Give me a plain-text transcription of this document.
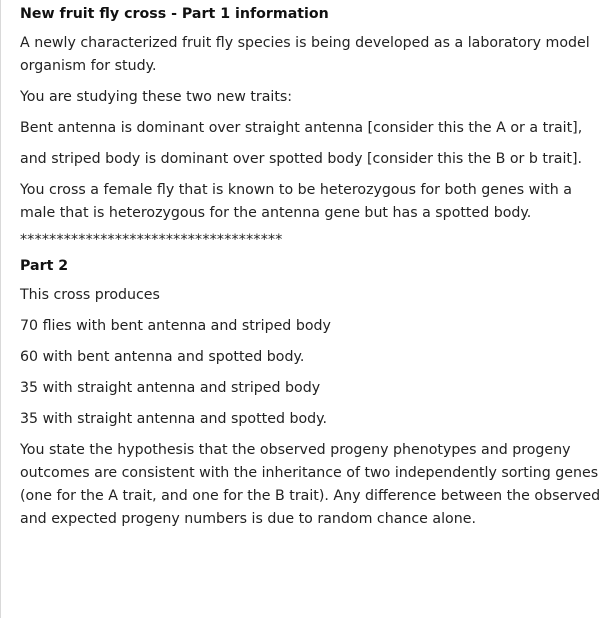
New fruit fly cross - Part 1 information

A newly characterized fruit fly species is being developed as a laboratory model organism for study.

You are studying these two new traits:

Bent antenna is dominant over straight antenna [consider this the A or a trait],

and striped body is dominant over spotted body [consider this the B or b trait].

You cross a female fly that is known to be heterozygous for both genes with a male that is heterozygous for the antenna gene but has a spotted body.

************************************

Part 2

This cross produces

70 flies with bent antenna and striped body

60 with bent antenna and spotted body.

35 with straight antenna and striped body

35 with straight antenna and spotted body.

You state the hypothesis that the observed progeny phenotypes and progeny outcomes are consistent with the inheritance of two independently sorting genes (one for the A trait, and one for the B trait). Any difference between the observed and expected progeny numbers is due to random chance alone.
